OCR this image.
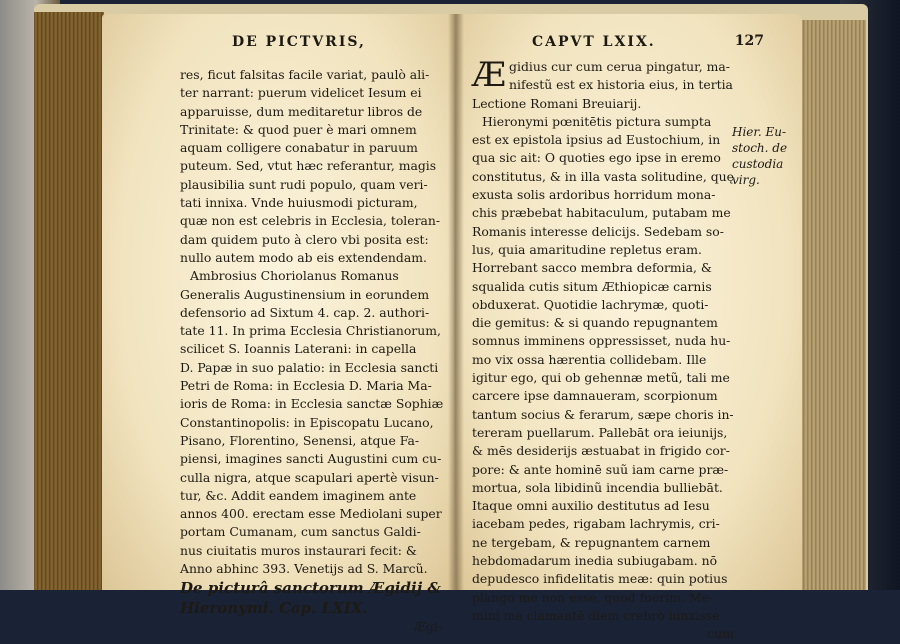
DE PICTVRIS,
res, ficut falsitas facile variat, paulò ali-
ter narrant: puerum videlicet Iesum ei
apparuisse, dum meditaretur libros de
Trinitate: & quod puer è mari omnem
aquam colligere conabatur in paruum
puteum. Sed, vtut hæc referantur, magis
plausibilia sunt rudi populo, quam veri-
tati innixa. Vnde huiusmodi picturam,
quæ non est celebris in Ecclesia, toleran-
dam quidem puto à clero vbi posita est:
nullo autem modo ab eis extendendam.
Ambrosius Choriolanus Romanus
Generalis Augustinensium in eorundem
defensorio ad Sixtum 4. cap. 2. authori-
tate 11. In prima Ecclesia Christianorum,
scilicet S. Ioannis Laterani: in capella
D. Papæ in suo palatio: in Ecclesia sancti
Petri de Roma: in Ecclesia D. Maria Ma-
ioris de Roma: in Ecclesia sanctæ Sophiæ
Constantinopolis: in Episcopatu Lucano,
Pisano, Florentino, Senensi, atque Fa-
piensi, imagines sancti Augustini cum cu-
culla nigra, atque scapulari apertè visun-
tur, &c. Addit eandem imaginem ante
annos 400. erectam esse Mediolani super
portam Cumanam, cum sanctus Galdi-
nus ciuitatis muros instaurari fecit: &
Anno abhinc 393. Venetijs ad S. Marcũ.
De picturâ sanctorum Ægidij &
Hieronymi. Cap. LXIX.
Ægi-
CAPVT LXIX.	127
Æ gidius cur cum cerua pingatur, ma-
nifestũ est ex historia eius, in tertia
Lectione Romani Breuiarij.
Hieronymi pœnitētis pictura sumpta
est ex epistola ipsius ad Eustochium, in
qua sic ait: O quoties ego ipse in eremo
constitutus, & in illa vasta solitudine, quę
exusta solis ardoribus horridum mona-
chis præbebat habitaculum, putabam me
Romanis interesse delicijs. Sedebam so-
lus, quia amaritudine repletus eram.
Horrebant sacco membra deformia, &
squalida cutis situm Æthiopicæ carnis
obduxerat. Quotidie lachrymæ, quoti-
die gemitus: & si quando repugnantem
somnus imminens oppressisset, nuda hu-
mo vix ossa hærentia collidebam. Ille
igitur ego, qui ob gehennæ metũ, tali me
carcere ipse damnaueram, scorpionum
tantum socius & ferarum, sæpe choris in-
tereram puellarum. Pallebāt ora ieiunijs,
& mēs desiderijs æstuabat in frigido cor-
pore: & ante hominē suũ iam carne præ-
mortua, sola libidinũ incendia bulliebāt.
Itaque omni auxilio destitutus ad Iesu
iacebam pedes, rigabam lachrymis, cri-
ne tergebam, & repugnantem carnem
hebdomadarum inedia subiugabam. nō
depudesco infidelitatis meæ: quin potius
plango me non esse, quod fuerim. Me-
mini me clamantē diem crebrò iunxisse
cum
Hier. Eu-
stoch. de
custodia
virg.
